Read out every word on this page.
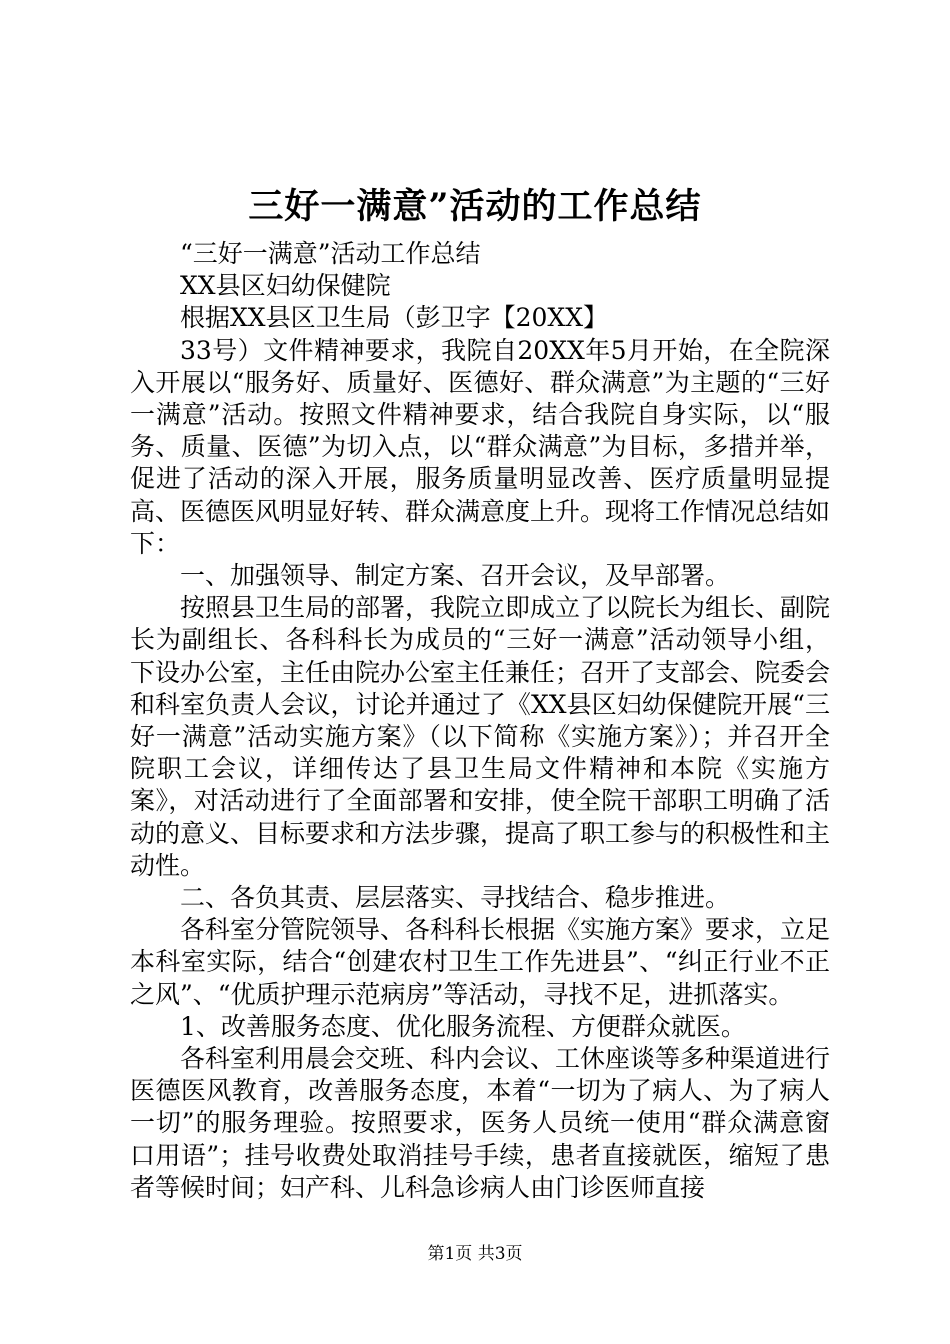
三好一满意”活动的工作总结

“三好一满意”活动工作总结

XX县区妇幼保健院

根据XX县区卫生局（彭卫字【20XX】

33号）文件精神要求，我院自20XX年5月开始，在全院深入开展以“服务好、质量好、医德好、群众满意”为主题的“三好一满意”活动。按照文件精神要求，结合我院自身实际，以“服务、质量、医德”为切入点，以“群众满意”为目标，多措并举，促进了活动的深入开展，服务质量明显改善、医疗质量明显提高、医德医风明显好转、群众满意度上升。现将工作情况总结如下：

一、加强领导、制定方案、召开会议，及早部署。

按照县卫生局的部署，我院立即成立了以院长为组长、副院长为副组长、各科科长为成员的“三好一满意”活动领导小组，下设办公室，主任由院办公室主任兼任；召开了支部会、院委会和科室负责人会议，讨论并通过了《XX县区妇幼保健院开展“三好一满意”活动实施方案》（以下简称《实施方案》）；并召开全院职工会议，详细传达了县卫生局文件精神和本院《实施方案》，对活动进行了全面部署和安排，使全院干部职工明确了活动的意义、目标要求和方法步骤，提高了职工参与的积极性和主动性。

二、各负其责、层层落实、寻找结合、稳步推进。

各科室分管院领导、各科科长根据《实施方案》要求，立足本科室实际，结合“创建农村卫生工作先进县”、“纠正行业不正之风”、“优质护理示范病房”等活动，寻找不足，进抓落实。

1、改善服务态度、优化服务流程、方便群众就医。

各科室利用晨会交班、科内会议、工休座谈等多种渠道进行医德医风教育，改善服务态度，本着“一切为了病人、为了病人一切”的服务理验。按照要求，医务人员统一使用“群众满意窗口用语”；挂号收费处取消挂号手续，患者直接就医，缩短了患者等候时间；妇产科、儿科急诊病人由门诊医师直接

第1页 共3页
